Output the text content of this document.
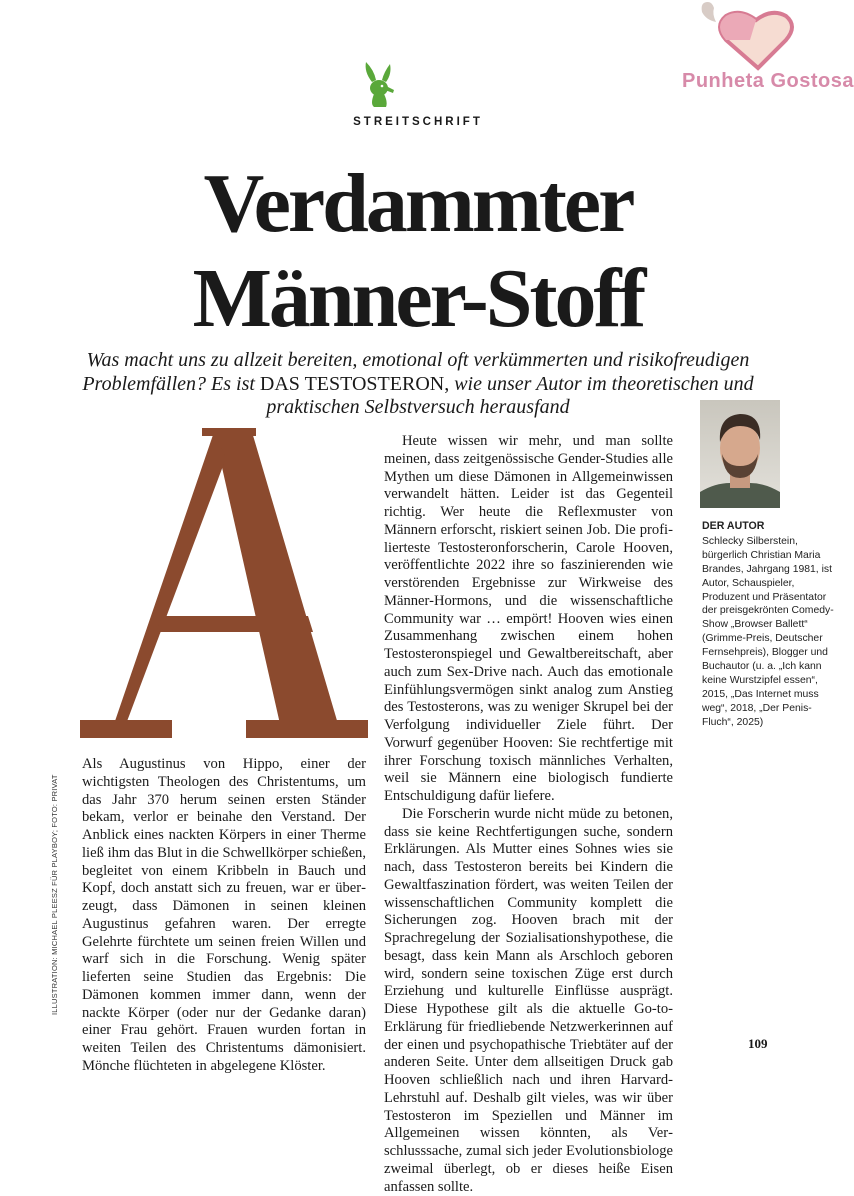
Punheta Gostosa
STREITSCHRIFT
Verdammter
Männer-Stoff
Was macht uns zu allzeit bereiten, emotional oft verkümmerten und risikofreudigen Problemfällen? Es ist DAS TESTOSTERON, wie unser Autor im theoretischen und praktischen Selbstversuch herausfand

Als Augustinus von Hippo, einer der wichtigsten Theologen des Christentums, um das Jahr 370 herum seinen ersten Ständer bekam, verlor er beinahe den Verstand. Der Anblick eines nackten Körpers in einer Therme ließ ihm das Blut in die Schwellkörper schießen, begleitet von einem Kribbeln in Bauch und Kopf, doch anstatt sich zu freuen, war er überzeugt, dass Dämonen in seinen kleinen Augustinus gefahren waren. Der erregte Gelehrte fürchtete um seinen freien Willen und warf sich in die Forschung. Wenig später lieferten seine Studien das Ergebnis: Die Dämonen kommen immer dann, wenn der nackte Körper (oder nur der Gedanke daran) einer Frau gehört. Frauen wurden fortan in weiten Teilen des Christentums dämonisiert. Mönche flüchteten in abgelegene Klöster.

Heute wissen wir mehr, und man sollte meinen, dass zeitgenössische Gender-Studies alle Mythen um diese Dämonen in Allgemeinwissen verwandelt hätten. Leider ist das Gegenteil richtig. Wer heute die Reflexmuster von Männern erforscht, riskiert seinen Job. Die profilierteste Testosteronforscherin, Carole Hooven, veröffentlichte 2022 ihre so faszinierenden wie verstörenden Ergebnisse zur Wirkweise des Männer-Hormons, und die wissenschaftliche Community war … empört! Hooven wies einen Zusammenhang zwischen einem hohen Testosteronspiegel und Gewaltbereitschaft, aber auch zum Sex-Drive nach. Auch das emotionale Einfühlungsvermögen sinkt analog zum Anstieg des Testosterons, was zu weniger Skrupel bei der Verfolgung individueller Ziele führt. Der Vorwurf gegenüber Hooven: Sie rechtfertige mit ihrer Forschung toxisch männliches Verhalten, weil sie Männern eine biologisch fundierte Entschuldigung dafür liefere.

Die Forscherin wurde nicht müde zu betonen, dass sie keine Rechtfertigungen suche, sondern Erklärungen. Als Mutter eines Sohnes wies sie nach, dass Testosteron bereits bei Kindern die Gewaltfaszination fördert, was weiten Teilen der wissenschaftlichen Community komplett die Sicherungen zog. Hooven brach mit der Sprachregelung der Sozialisationshypothese, die besagt, dass kein Mann als Arschloch geboren wird, sondern seine toxischen Züge erst durch Erziehung und kulturelle Einflüsse ausprägt. Diese Hypothese gilt als die aktuelle Go-to-Erklärung für friedliebende Netzwerkerinnen auf der einen und psychopathische Triebtäter auf der anderen Seite. Unter dem allseitigen Druck gab Hooven schließlich nach und ihren Harvard-Lehrstuhl auf. Deshalb gilt vieles, was wir über Testosteron im Speziellen und Männer im Allgemeinen wissen könnten, als Verschlusssache, zumal sich jeder Evolutionsbiologe zweimal überlegt, ob er dieses heiße Eisen anfassen sollte.

ILLUSTRATION: MICHAEL PLEESZ FÜR PLAYBOY; FOTO: PRIVAT
DER AUTOR
Schlecky Silberstein, bürgerlich Christian Maria Brandes, Jahrgang 1981, ist Autor, Schauspieler, Produzent und Präsentator der preisgekrönten Comedy-Show „Browser Ballett“ (Grimme-Preis, Deutscher Fernsehpreis), Blogger und Buchautor (u. a. „Ich kann keine Wurstzipfel essen“, 2015, „Das Internet muss weg“, 2018, „Der Penis-Fluch“, 2025)
109
